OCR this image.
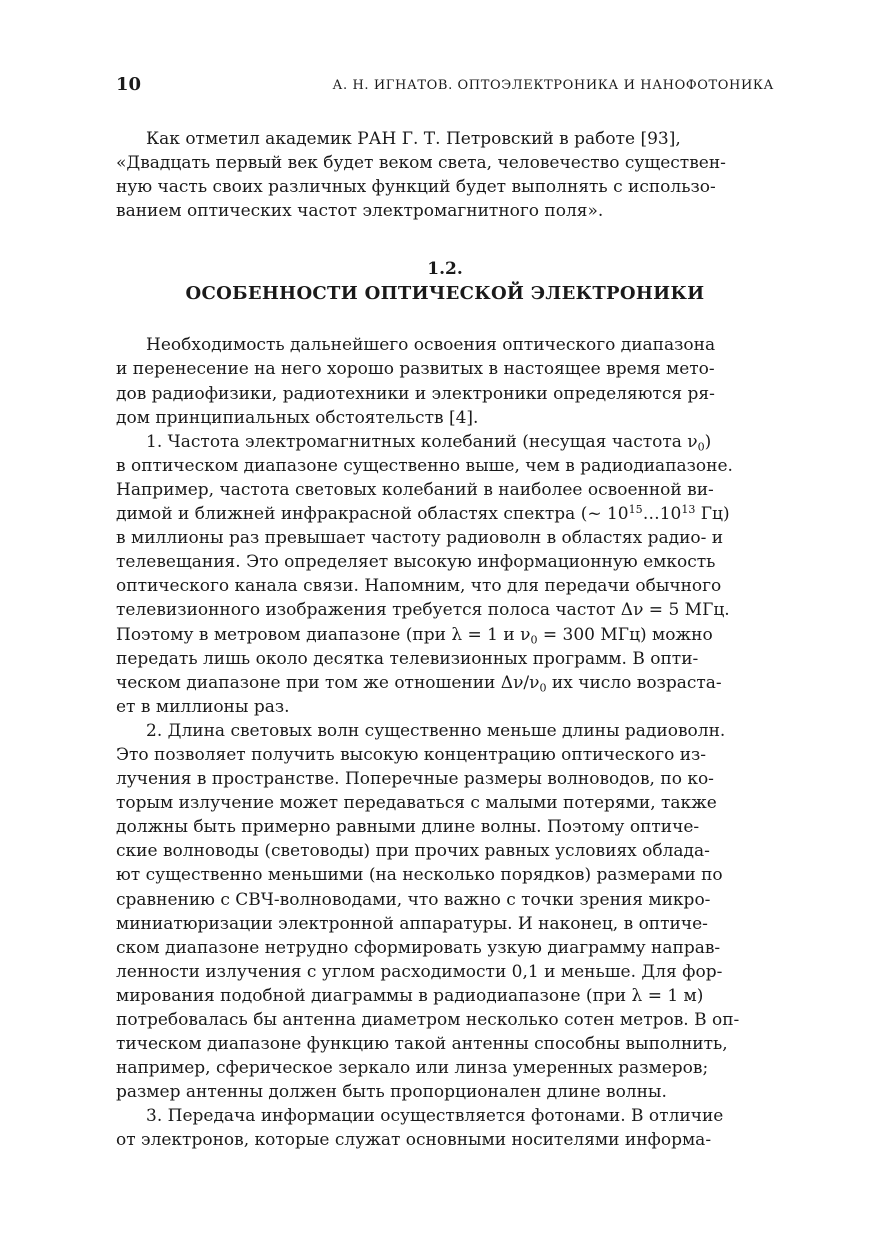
10	А. Н. ИГНАТОВ. ОПТОЭЛЕКТРОНИКА И НАНОФОТОНИКА
Как отметил академик РАН Г. Т. Петровский в работе [93],
«Двадцать первый век будет веком света, человечество существен-
ную часть своих различных функций будет выполнять с использо-
ванием оптических частот электромагнитного поля».
1.2.
ОСОБЕННОСТИ ОПТИЧЕСКОЙ ЭЛЕКТРОНИКИ
Необходимость дальнейшего освоения оптического диапазона
и перенесение на него хорошо развитых в настоящее время мето-
дов радиофизики, радиотехники и электроники определяются ря-
дом принципиальных обстоятельств [4].
1. Частота электромагнитных колебаний (несущая частота $\nu_0$)
в оптическом диапазоне существенно выше, чем в радиодиапазоне.
Например, частота световых колебаний в наиболее освоенной ви-
димой и ближней инфракрасной областях спектра (~ $10^{15}\dots 10^{13}$ Гц)
в миллионы раз превышает частоту радиоволн в областях радио- и
телевещания. Это определяет высокую информационную емкость
оптического канала связи. Напомним, что для передачи обычного
телевизионного изображения требуется полоса частот Δν = 5 МГц.
Поэтому в метровом диапазоне (при λ = 1 и $\nu_0 = 300$ МГц) можно
передать лишь около десятка телевизионных программ. В опти-
ческом диапазоне при том же отношении $\Delta\nu/\nu_0$ их число возраста-
ет в миллионы раз.
2. Длина световых волн существенно меньше длины радиоволн.
Это позволяет получить высокую концентрацию оптического из-
лучения в пространстве. Поперечные размеры волноводов, по ко-
торым излучение может передаваться с малыми потерями, также
должны быть примерно равными длине волны. Поэтому оптиче-
ские волноводы (световоды) при прочих равных условиях облада-
ют существенно меньшими (на несколько порядков) размерами по
сравнению с СВЧ-волноводами, что важно с точки зрения микро-
миниатюризации электронной аппаратуры. И наконец, в оптиче-
ском диапазоне нетрудно сформировать узкую диаграмму направ-
ленности излучения с углом расходимости 0,1 и меньше. Для фор-
мирования подобной диаграммы в радиодиапазоне (при λ = 1 м)
потребовалась бы антенна диаметром несколько сотен метров. В оп-
тическом диапазоне функцию такой антенны способны выполнить,
например, сферическое зеркало или линза умеренных размеров;
размер антенны должен быть пропорционален длине волны.
3. Передача информации осуществляется фотонами. В отличие
от электронов, которые служат основными носителями информа-
